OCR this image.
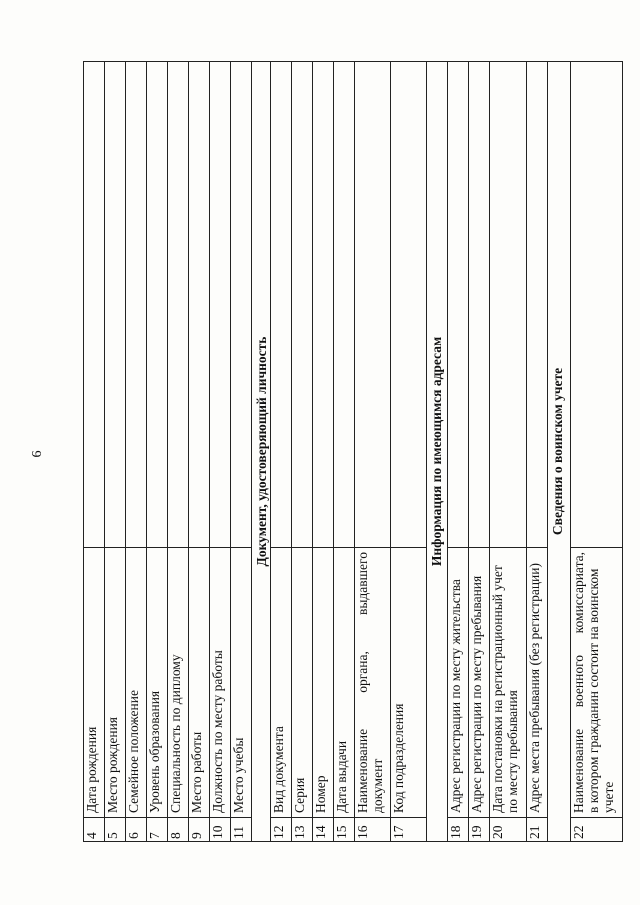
6
4	Дата рождения	
5	Место рождения	
6	Семейное положение	
7	Уровень образования	
8	Специальность по диплому	
9	Место работы	
10	Должность по месту работы	
11	Место учебы	
Документ, удостоверяющий личность		
12	Вид документа	
13	Серия	
14	Номер	
15	Дата выдачи	
16	Наименование органа, выдавшего
документ	

17	Код подразделения	
Информация по имеющимся адресам		
18	Адрес регистрации по месту жительства	
19	Адрес регистрации по месту пребывания	
20	Дата постановки на регистрационный учет по месту пребывания	

21	Адрес места пребывания (без регистрации)	
Сведения о воинском учете		
22	Наименование военного комиссариата, в котором гражданин состоит на воинском учете	
